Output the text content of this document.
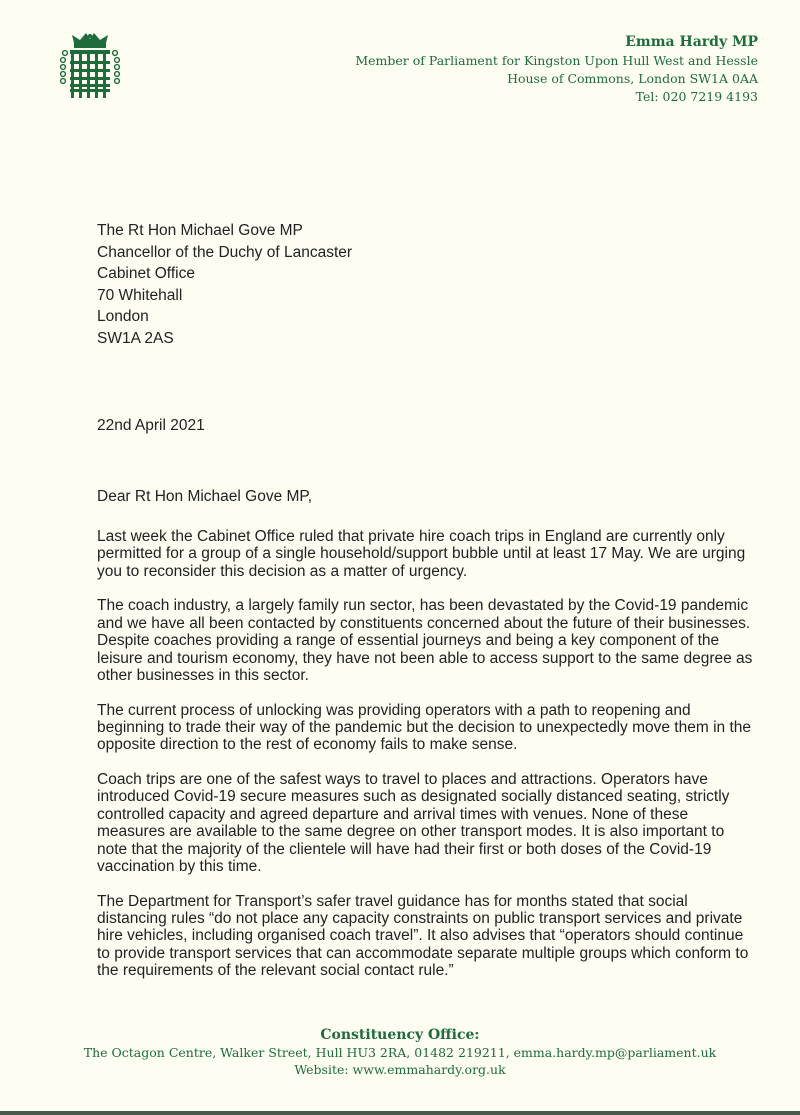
Emma Hardy MP
Member of Parliament for Kingston Upon Hull West and Hessle
House of Commons, London SW1A 0AA
Tel: 020 7219 4193
The Rt Hon Michael Gove MP
Chancellor of the Duchy of Lancaster
Cabinet Office
70 Whitehall
London
SW1A 2AS
22nd April 2021
Dear Rt Hon Michael Gove MP,

Last week the Cabinet Office ruled that private hire coach trips in England are currently only permitted for a group of a single household/support bubble until at least 17 May. We are urging you to reconsider this decision as a matter of urgency.

The coach industry, a largely family run sector, has been devastated by the Covid-19 pandemic and we have all been contacted by constituents concerned about the future of their businesses. Despite coaches providing a range of essential journeys and being a key component of the leisure and tourism economy, they have not been able to access support to the same degree as other businesses in this sector.

The current process of unlocking was providing operators with a path to reopening and beginning to trade their way of the pandemic but the decision to unexpectedly move them in the opposite direction to the rest of economy fails to make sense.

Coach trips are one of the safest ways to travel to places and attractions. Operators have introduced Covid-19 secure measures such as designated socially distanced seating, strictly controlled capacity and agreed departure and arrival times with venues. None of these measures are available to the same degree on other transport modes. It is also important to note that the majority of the clientele will have had their first or both doses of the Covid-19 vaccination by this time.

The Department for Transport’s safer travel guidance has for months stated that social distancing rules “do not place any capacity constraints on public transport services and private hire vehicles, including organised coach travel”. It also advises that “operators should continue to provide transport services that can accommodate separate multiple groups which conform to the requirements of the relevant social contact rule.”

Constituency Office:
The Octagon Centre, Walker Street, Hull HU3 2RA, 01482 219211, emma.hardy.mp@parliament.uk
Website: www.emmahardy.org.uk
